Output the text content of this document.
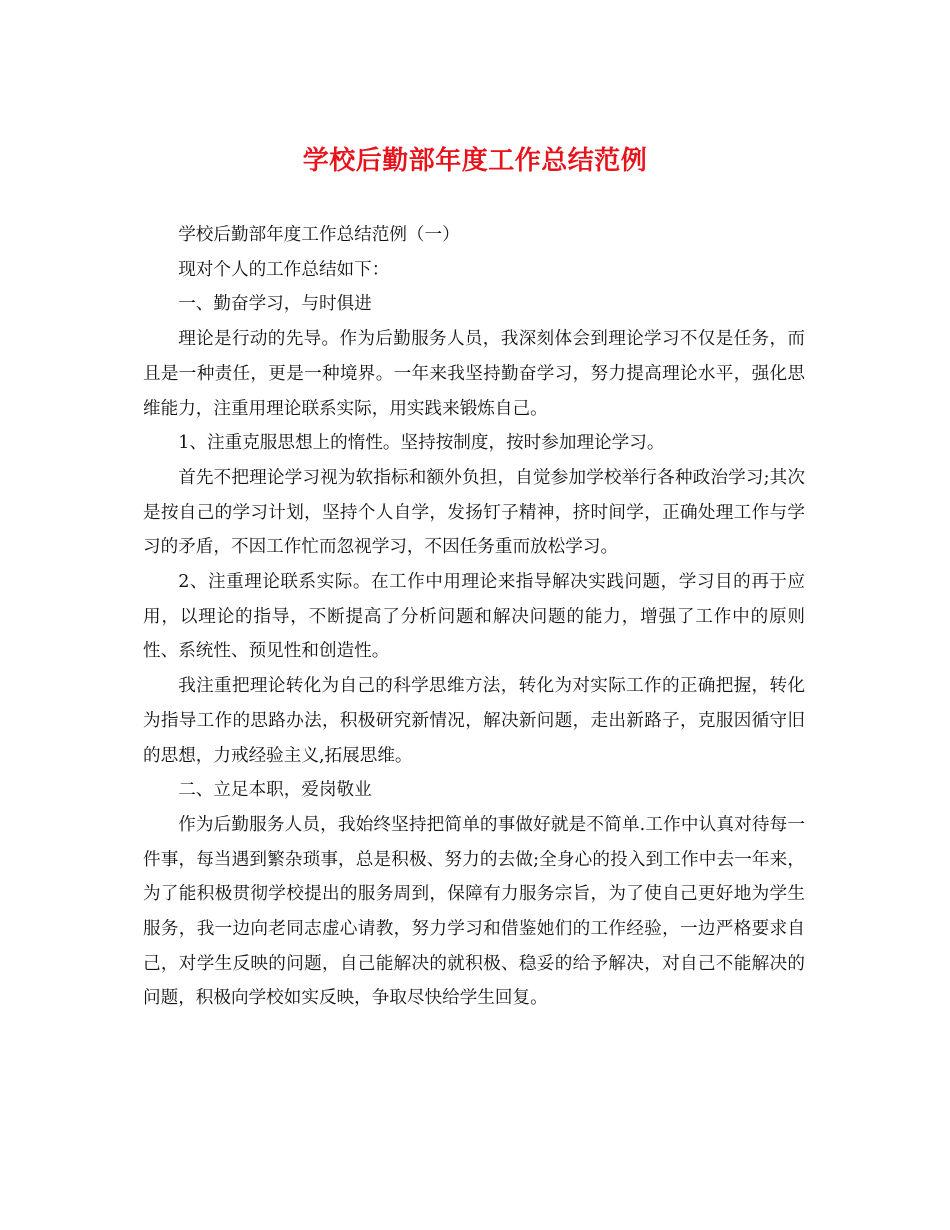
学校后勤部年度工作总结范例

学校后勤部年度工作总结范例（一）

现对个人的工作总结如下：

一、勤奋学习，与时俱进

理论是行动的先导。作为后勤服务人员，我深刻体会到理论学习不仅是任务，而且是一种责任，更是一种境界。一年来我坚持勤奋学习，努力提高理论水平，强化思维能力，注重用理论联系实际，用实践来锻炼自己。

1、注重克服思想上的惰性。坚持按制度，按时参加理论学习。

首先不把理论学习视为软指标和额外负担，自觉参加学校举行各种政治学习;其次是按自己的学习计划，坚持个人自学，发扬钉子精神，挤时间学，正确处理工作与学习的矛盾，不因工作忙而忽视学习，不因任务重而放松学习。

2、注重理论联系实际。在工作中用理论来指导解决实践问题，学习目的再于应用，以理论的指导，不断提高了分析问题和解决问题的能力，增强了工作中的原则性、系统性、预见性和创造性。

我注重把理论转化为自己的科学思维方法，转化为对实际工作的正确把握，转化为指导工作的思路办法，积极研究新情况，解决新问题，走出新路子，克服因循守旧的思想，力戒经验主义,拓展思维。

二、立足本职，爱岗敬业

作为后勤服务人员，我始终坚持把简单的事做好就是不简单.工作中认真对待每一件事，每当遇到繁杂琐事，总是积极、努力的去做;全身心的投入到工作中去一年来，为了能积极贯彻学校提出的服务周到，保障有力服务宗旨，为了使自己更好地为学生服务，我一边向老同志虚心请教，努力学习和借鉴她们的工作经验，一边严格要求自己，对学生反映的问题，自己能解决的就积极、稳妥的给予解决，对自己不能解决的问题，积极向学校如实反映，争取尽快给学生回复。
